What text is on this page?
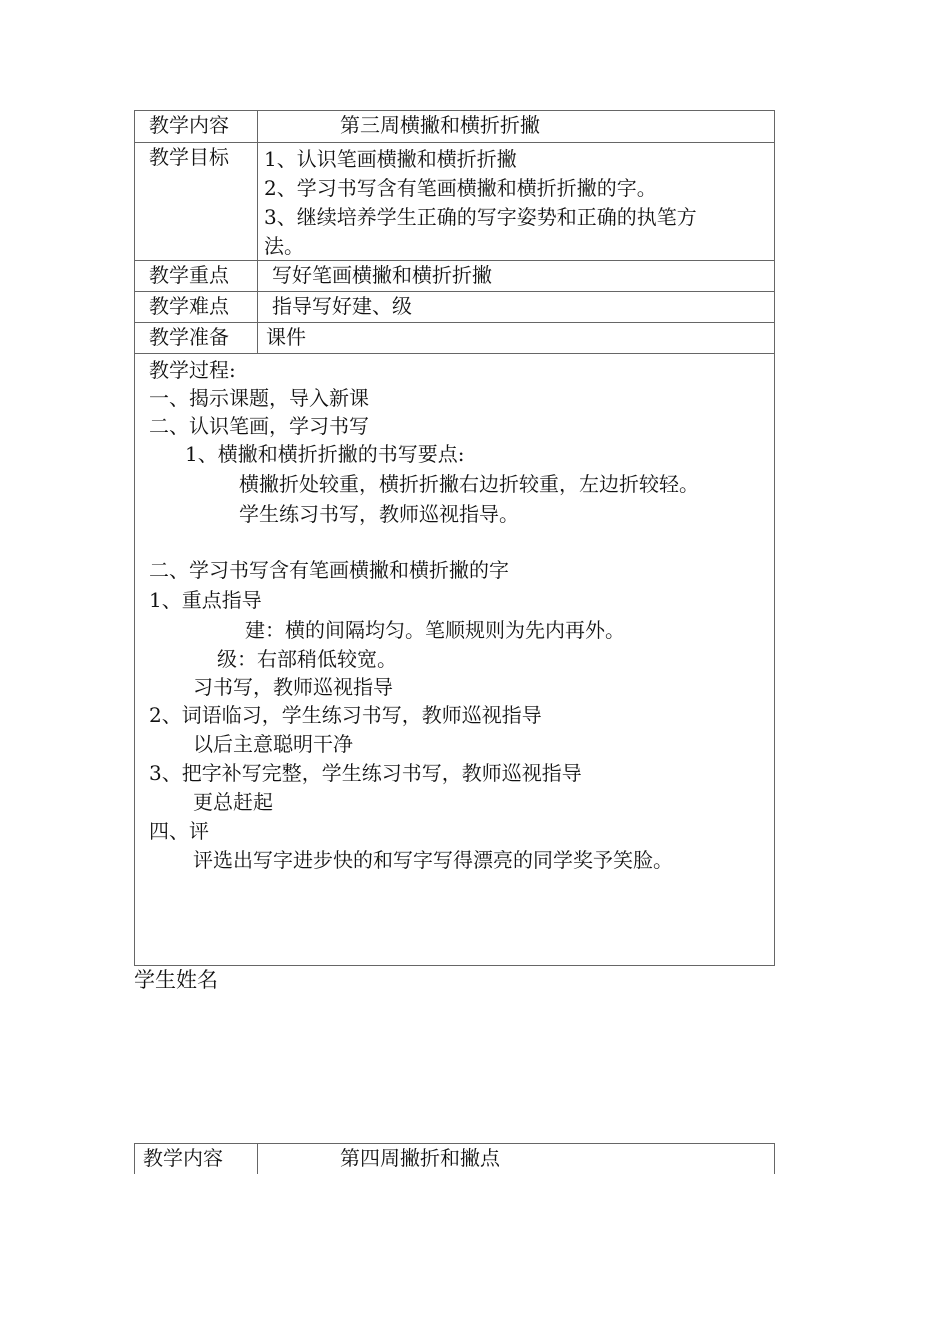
教学内容	第三周横撇和横折折撇
教学目标	1、认识笔画横撇和横折折撇
2、学习书写含有笔画横撇和横折折撇的字。
3、继续培养学生正确的写字姿势和正确的执笔方
法。
教学重点	写好笔画横撇和横折折撇
教学难点	指导写好建、级
教学准备	课件
教学过程:
一、揭示课题，导入新课
二、认识笔画，学习书写
1、横撇和横折折撇的书写要点:
横撇折处较重，横折折撇右边折较重，左边折较轻。
学生练习书写，教师巡视指导。
二、学习书写含有笔画横撇和横折撇的字
1、重点指导
建：横的间隔均匀。笔顺规则为先内再外。
级：右部稍低较宽。
习书写，教师巡视指导
2、词语临习，学生练习书写，教师巡视指导
以后主意聪明干净
3、把字补写完整，学生练习书写，教师巡视指导
更总赶起
四、评
评选出写字进步快的和写字写得漂亮的同学奖予笑脸。
学生姓名
教学内容	第四周撇折和撇点
